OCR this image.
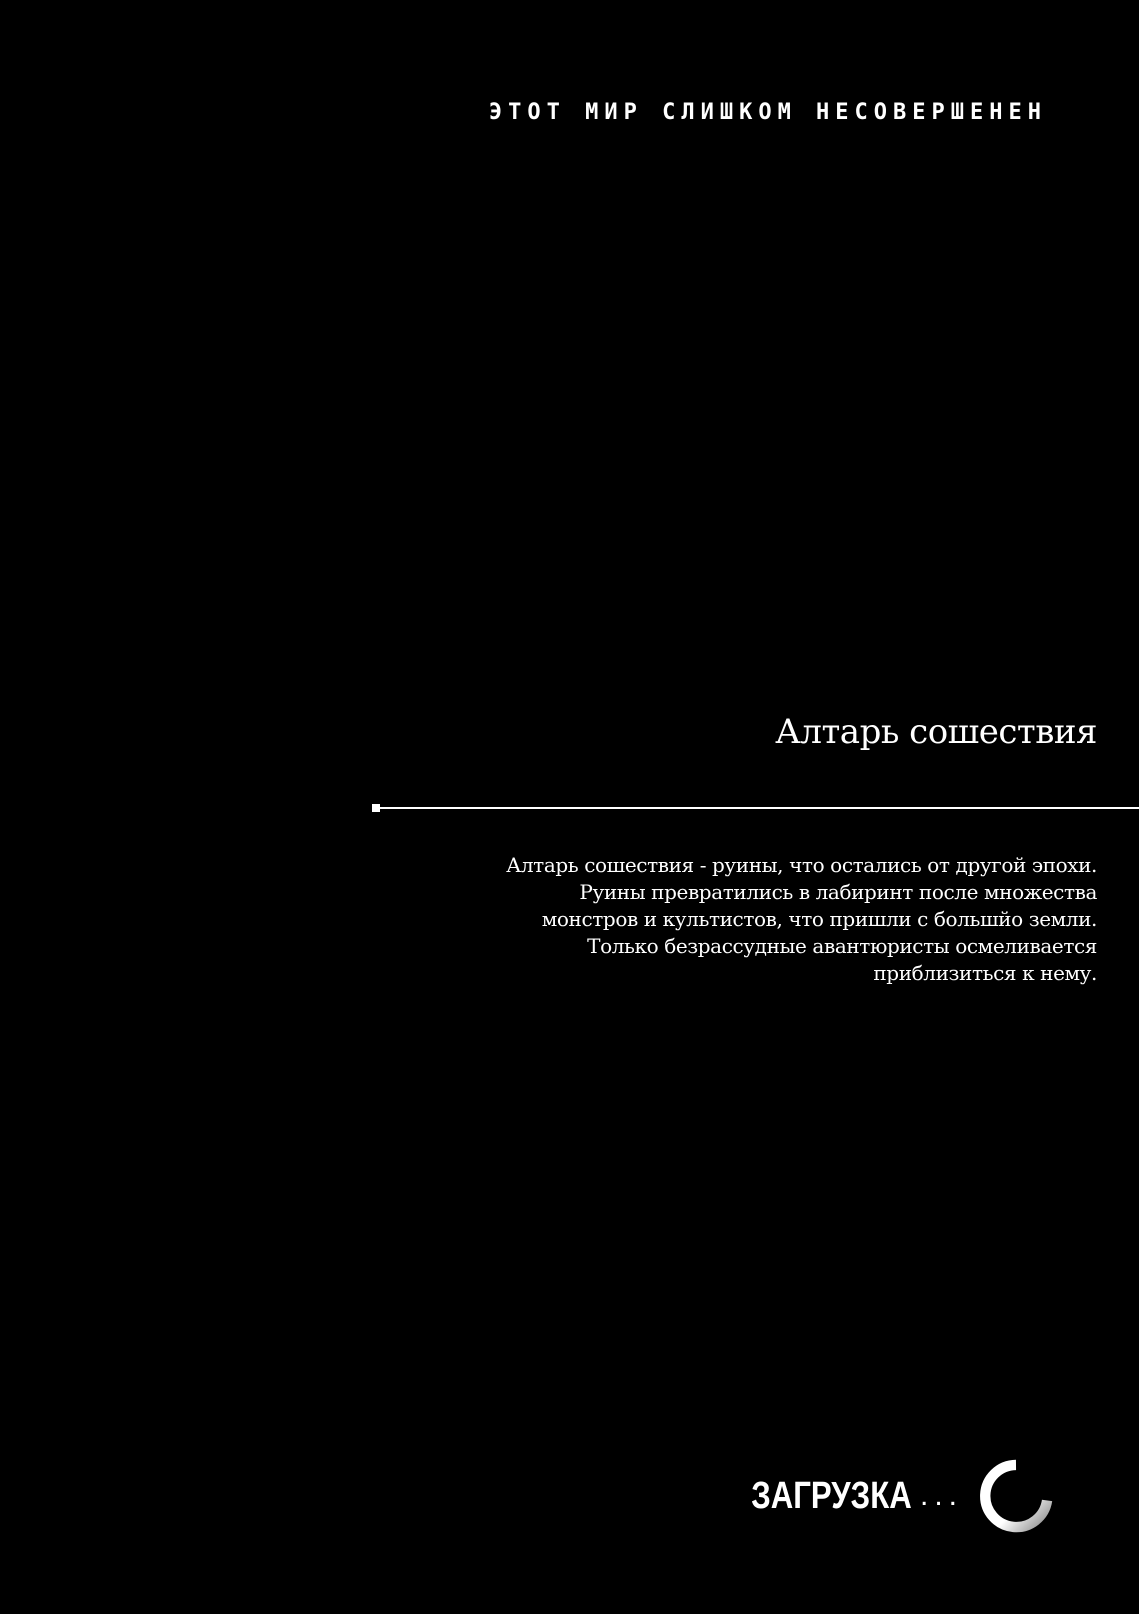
ЭТОТ МИР СЛИШКОМ НЕСОВЕРШЕНЕН
Алтарь сошествия
Алтарь сошествия - руины, что остались от другой эпохи.
Руины превратились в лабиринт после множества
монстров и культистов, что пришли с большйо земли.
Только безрассудные авантюристы осмеливается
приблизиться к нему.
ЗАГРУЗКА ...
